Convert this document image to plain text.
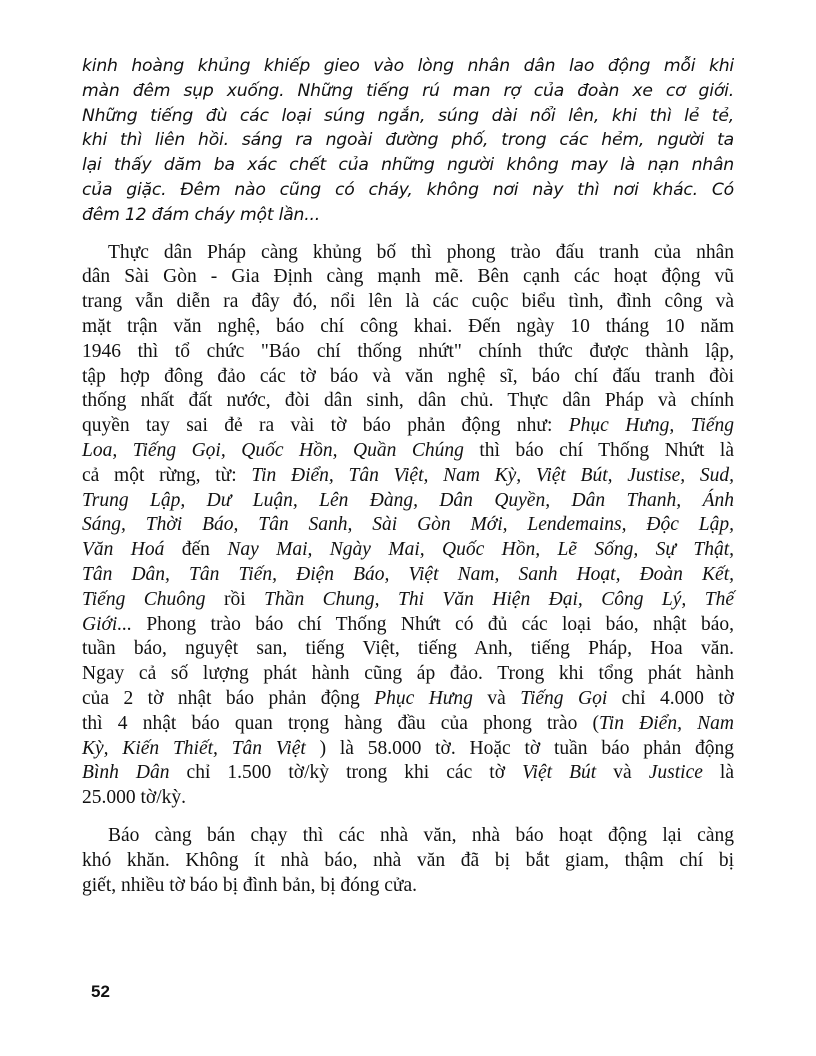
kinh hoàng khủng khiếp gieo vào lòng nhân dân lao động mỗi khi
màn đêm sụp xuống. Những tiếng rú man rợ của đoàn xe cơ giới.
Những tiếng đù các loại súng ngắn, súng dài nổi lên, khi thì lẻ tẻ,
khi thì liên hồi. sáng ra ngoài đường phố, trong các hẻm, người ta
lại thấy dăm ba xác chết của những người không may là nạn nhân
của giặc. Đêm nào cũng có cháy, không nơi này thì nơi khác. Có
đêm 12 đám cháy một lần...
Thực dân Pháp càng khủng bố thì phong trào đấu tranh của nhân
dân Sài Gòn - Gia Định càng mạnh mẽ. Bên cạnh các hoạt động vũ
trang vẫn diễn ra đây đó, nổi lên là các cuộc biểu tình, đình công và
mặt trận văn nghệ, báo chí công khai. Đến ngày 10 tháng 10 năm
1946 thì tổ chức "Báo chí thống nhứt" chính thức được thành lập,
tập hợp đông đảo các tờ báo và văn nghệ sĩ, báo chí đấu tranh đòi
thống nhất đất nước, đòi dân sinh, dân chủ. Thực dân Pháp và chính
quyền tay sai đẻ ra vài tờ báo phản động như: Phục Hưng, Tiếng
Loa, Tiếng Gọi, Quốc Hồn, Quần Chúng thì báo chí Thống Nhứt là
cả một rừng, từ: Tin Điển, Tân Việt, Nam Kỳ, Việt Bút, Justise, Sud,
Trung Lập, Dư Luận, Lên Đàng, Dân Quyền, Dân Thanh, Ánh
Sáng, Thời Báo, Tân Sanh, Sài Gòn Mới, Lendemains, Độc Lập,
Văn Hoá đến Nay Mai, Ngày Mai, Quốc Hồn, Lẽ Sống, Sự Thật,
Tân Dân, Tân Tiến, Điện Báo, Việt Nam, Sanh Hoạt, Đoàn Kết,
Tiếng Chuông rồi Thần Chung, Thi Văn Hiện Đại, Công Lý, Thế
Giới... Phong trào báo chí Thống Nhứt có đủ các loại báo, nhật báo,
tuần báo, nguyệt san, tiếng Việt, tiếng Anh, tiếng Pháp, Hoa văn.
Ngay cả số lượng phát hành cũng áp đảo. Trong khi tổng phát hành
của 2 tờ nhật báo phản động Phục Hưng và Tiếng Gọi chỉ 4.000 tờ
thì 4 nhật báo quan trọng hàng đầu của phong trào (Tin Điển, Nam
Kỳ, Kiến Thiết, Tân Việt ) là 58.000 tờ. Hoặc tờ tuần báo phản động
Bình Dân chỉ 1.500 tờ/kỳ trong khi các tờ Việt Bút và Justice là
25.000 tờ/kỳ.
Báo càng bán chạy thì các nhà văn, nhà báo hoạt động lại càng
khó khăn. Không ít nhà báo, nhà văn đã bị bắt giam, thậm chí bị
giết, nhiều tờ báo bị đình bản, bị đóng cửa.
52
